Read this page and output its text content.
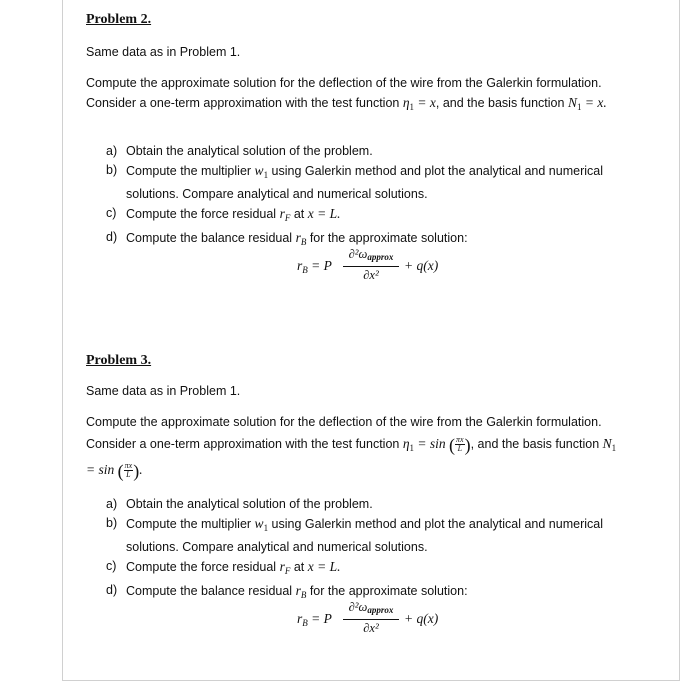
Problem 2.
Same data as in Problem 1.
Compute the approximate solution for the deflection of the wire from the Galerkin formulation. Consider a one-term approximation with the test function $\eta_1 = x$, and the basis function $N_1 = x$.
a) Obtain the analytical solution of the problem.
b) Compute the multiplier $w_1$ using Galerkin method and plot the analytical and numerical solutions. Compare analytical and numerical solutions.
c) Compute the force residual $r_F$ at x = L.
d) Compute the balance residual $r_B$ for the approximate solution:
$r_B = P$
$\partial^2\omega_{approx}$
∂x²
+ q(x)
Problem 3.
Same data as in Problem 1.
Compute the approximate solution for the deflection of the wire from the Galerkin formulation. Consider a one-term approximation with the test function $\eta_1 = \sin$ ( $\frac{\pi x}{L}$ ), and the basis function $N_1 = \sin$ ( $\frac{\pi x}{L}$ ).
a) Obtain the analytical solution of the problem.
b) Compute the multiplier $w_1$ using Galerkin method and plot the analytical and numerical solutions. Compare analytical and numerical solutions.
c) Compute the force residual $r_F$ at x = L.
d) Compute the balance residual $r_B$ for the approximate solution:
$r_B = P$
$\partial^2\omega_{approx}$
∂x²
+ q(x)
